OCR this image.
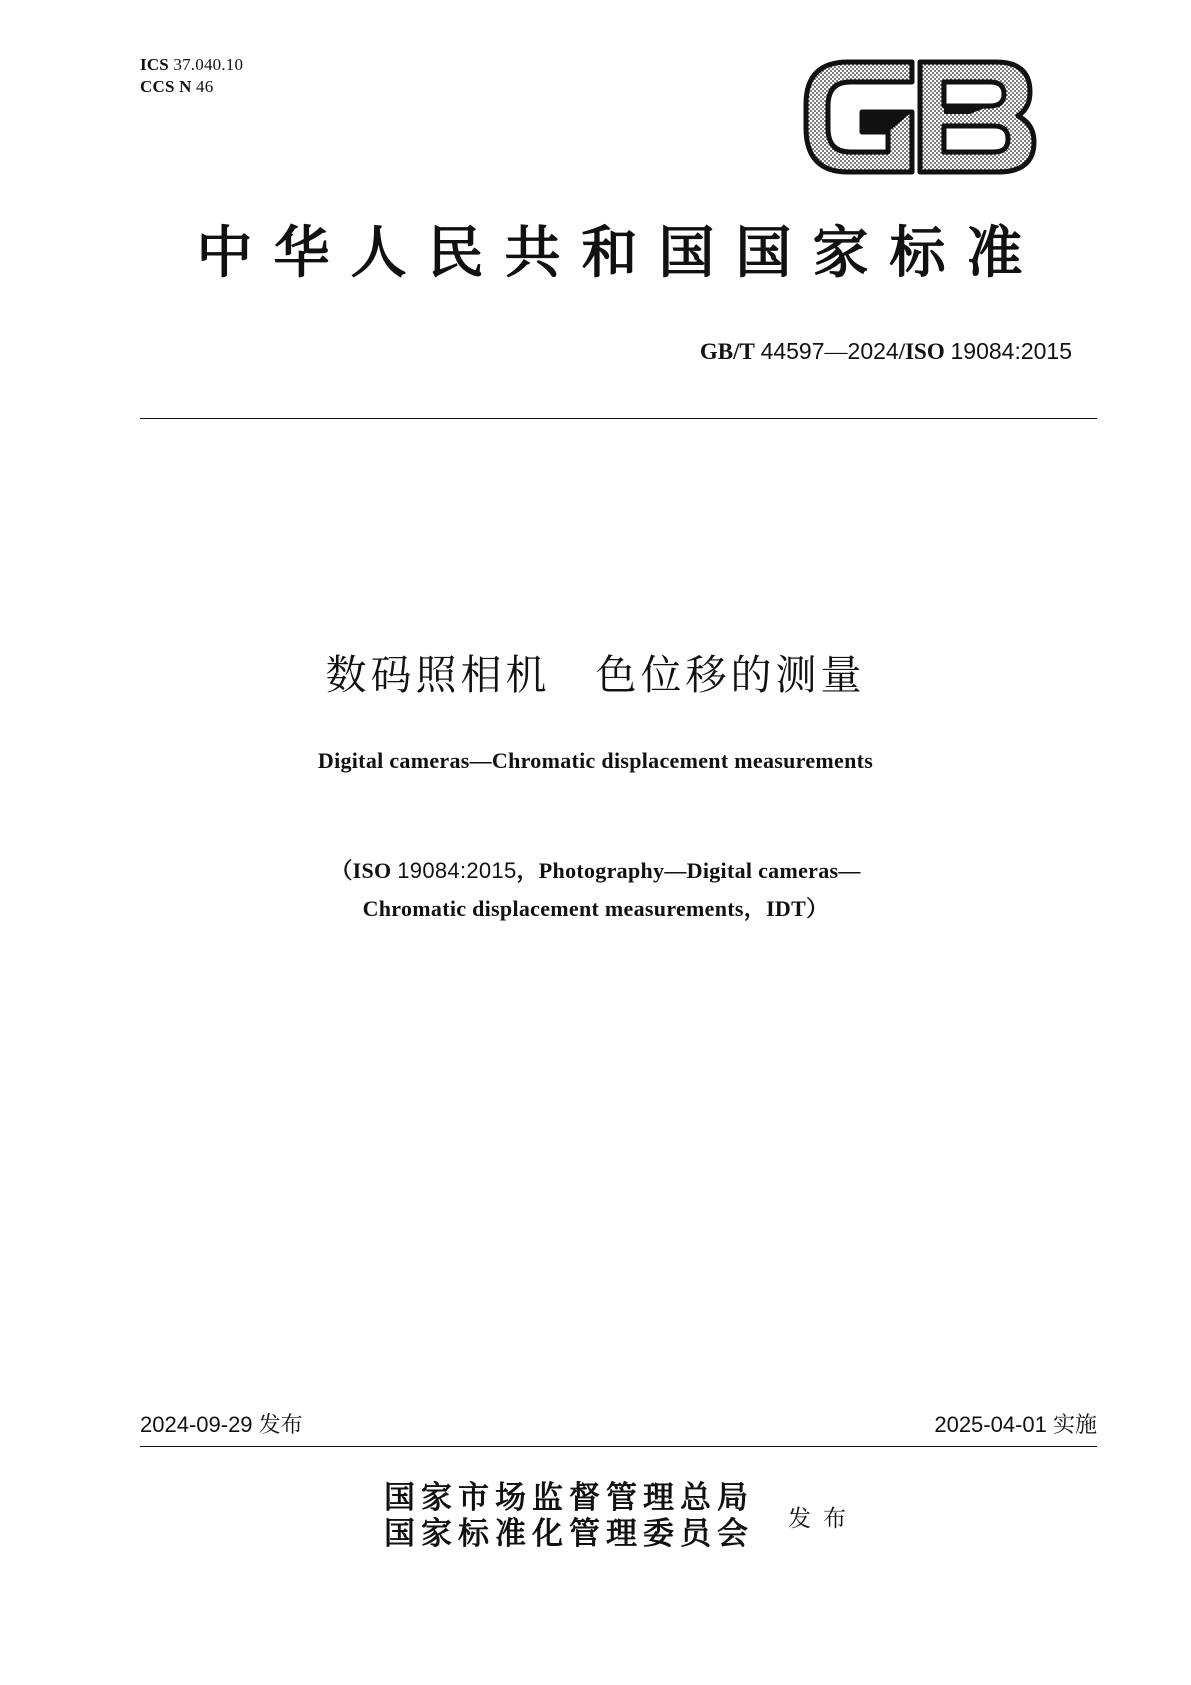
ICS 37.040.10
CCS N 46
中华人民共和国国家标准
GB/T 44597—2024/ISO 19084:2015
数码照相机　色位移的测量
Digital cameras—Chromatic displacement measurements
（ISO 19084:2015，Photography—Digital cameras—
Chromatic displacement measurements，IDT）
2024-09-29 发布	2025-04-01 实施
国家市场监督管理总局
国家标准化管理委员会 发布
